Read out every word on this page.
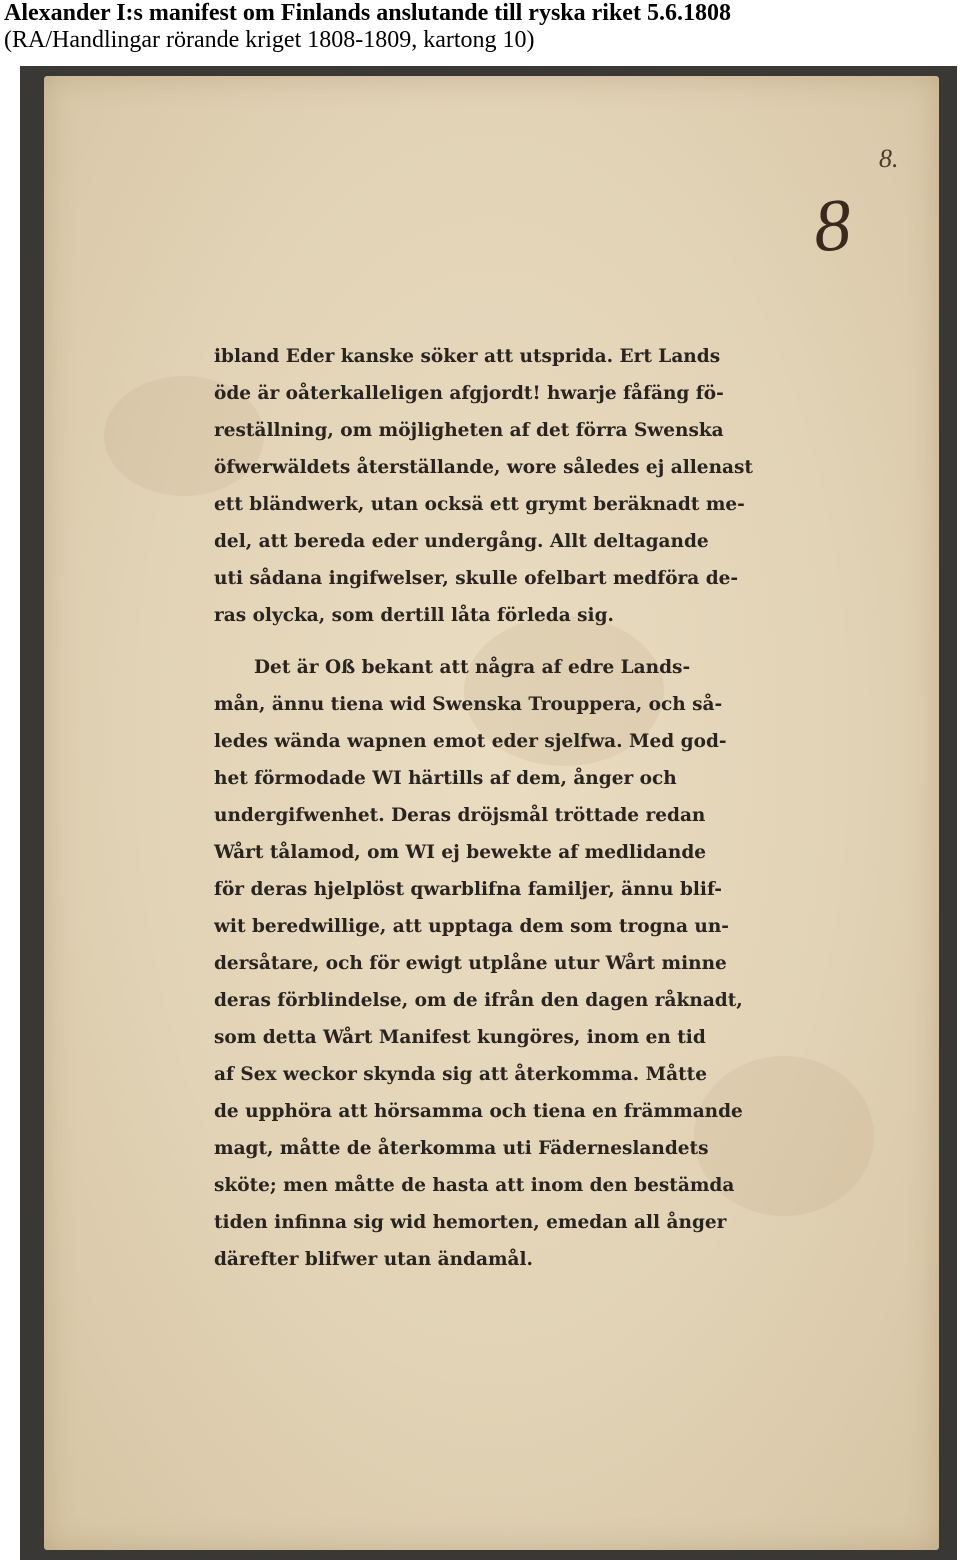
Alexander I:s manifest om Finlands anslutande till ryska riket 5.6.1808
(RA/Handlingar rörande kriget 1808-1809, kartong 10)
8.
8
ibland Eder kanske söker att utsprida. Ert Lands
öde är oåterkalleligen afgjordt! hwarje fåfäng fö-
reställning, om möjligheten af det förra Swenska
öfwerwäldets återställande, wore således ej allenast
ett bländwerk, utan ocksä ett grymt beräknadt me-
del, att bereda eder undergång. Allt deltagande
uti sådana ingifwelser, skulle ofelbart medföra de-
ras olycka, som dertill låta förleda sig.
Det är Oß bekant att några af edre Lands-
mån, ännu tiena wid Swenska Trouppera, och så-
ledes wända wapnen emot eder sjelfwa. Med god-
het förmodade WI härtills af dem, ånger och
undergifwenhet. Deras dröjsmål tröttade redan
Wårt tålamod, om WI ej bewekte af medlidande
för deras hjelplöst qwarblifna familjer, ännu blif-
wit beredwillige, att upptaga dem som trogna un-
dersåtare, och för ewigt utplåne utur Wårt minne
deras förblindelse, om de ifrån den dagen råknadt,
som detta Wårt Manifest kungöres, inom en tid
af Sex weckor skynda sig att återkomma. Måtte
de upphöra att hörsamma och tiena en främmande
magt, måtte de återkomma uti Fäderneslandets
sköte; men måtte de hasta att inom den bestämda
tiden infinna sig wid hemorten, emedan all ånger
därefter blifwer utan ändamål.
